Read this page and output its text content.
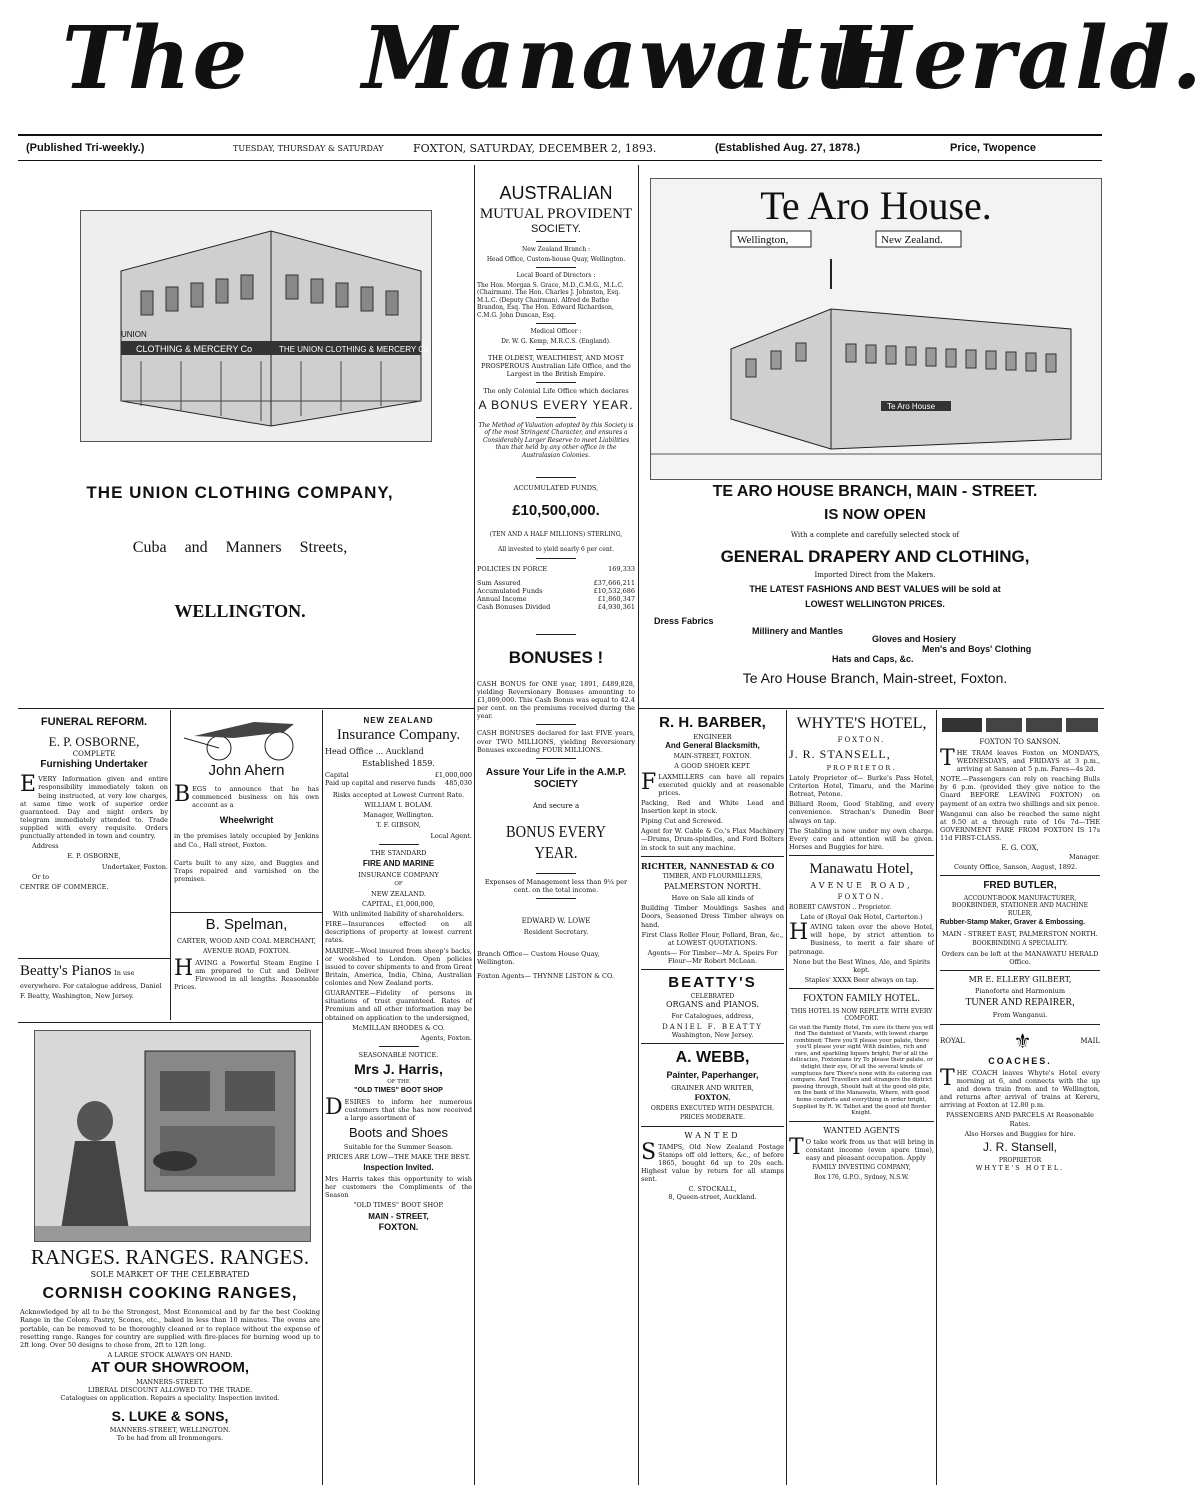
The Manawatu
Herald.
(Published Tri-weekly.)	TUESDAY, THURSDAY & SATURDAY	FOXTON, SATURDAY, DECEMBER 2, 1893.	(Established Aug. 27, 1878.)	Price, Twopence
CLOTHING & MERCERY Co	THE UNION CLOTHING & MERCERY Co
UNION
THE UNION CLOTHING COMPANY,
Cuba and Manners Streets,
WELLINGTON.
AUSTRALIAN
MUTUAL PROVIDENT
SOCIETY.

New Zealand Branch :

Head Office, Custom-house Quay, Wellington.

Local Board of Directors :

The Hon. Morgan S. Grace, M.D.,C.M.G., M.L.C. (Chairman). The Hon. Charles J. Johnston, Esq. M.L.C. (Deputy Chairman). Alfred de Bathe Brandon, Esq. The Hon. Edward Richardson, C.M.G. John Duncan, Esq.

Medical Officer :

Dr. W. G. Kemp, M.R.C.S. (England).

THE OLDEST, WEALTHIEST, AND MOST PROSPEROUS Australian Life Office, and the Largest in the British Empire.

The only Colonial Life Office which declares

A BONUS EVERY YEAR.

The Method of Valuation adopted by this Society is of the most Stringent Character, and ensures a Considerably Larger Reserve to meet Liabilities than that held by any other office in the Australasian Colonies.

ACCUMULATED FUNDS,

£10,500,000.

(TEN AND A HALF MILLIONS) STERLING,

All invested to yield nearly 6 per cent.

POLICIES IN FORCE	169,333
Sum Assured	£37,666,211
Accumulated Funds	£10,532,686
Annual Income	£1,860,347
Cash Bonuses Divided	£4,930,361

BONUSES !

CASH BONUS for ONE year, 1891, £489,828, yielding Reversionary Bonuses amounting to £1,009,000. This Cash Bonus was equal to 42.4 per cent. on the premiums received during the year.

CASH BONUSES declared for last FIVE years, over TWO MILLIONS, yielding Reversionary Bonuses exceeding FOUR MILLIONS.

Assure Your Life in the A.M.P. SOCIETY

And secure a

BONUS EVERY YEAR.

Expenses of Management less than 9¼ per cent. on the total income.

EDWARD W. LOWE

Resident Secretary.

Branch Office— Custom House Quay, Wellington.

Foxton Agents— THYNNE LISTON & CO.

Te Aro House.
Wellington,	New Zealand.
Te Aro House
TE ARO HOUSE BRANCH, MAIN - STREET.
IS NOW OPEN
With a complete and carefully selected stock of
GENERAL DRAPERY AND CLOTHING,
Imported Direct from the Makers.
THE LATEST FASHIONS AND BEST VALUES will be sold at
LOWEST WELLINGTON PRICES.
Dress Fabrics
Millinery and Mantles
Gloves and Hosiery
Men's and Boys' Clothing
Hats and Caps, &c.
Te Aro House Branch, Main-street, Foxton.
FUNERAL REFORM.
E. P. OSBORNE,
COMPLETE
Furnishing Undertaker

EVERY Information given and entire responsibility immediately taken on being instructed, at very low charges, at same time work of superior order guaranteed. Day and night orders by telegram immediately attended to. Trade supplied with every requisite. Orders punctually attended in town and country.

Address

E. P. OSBORNE,

Undertaker, Foxton.

Or to

CENTRE OF COMMERCE.

Beatty's Pianos In use everywhere. For catalogue address, Daniel F. Beatty, Washington, New Jersey.
John Ahern

BEGS to announce that he has commenced business on his own account as a

Wheelwright

in the premises lately occupied by Jenkins and Co., Hall street, Foxton.

Carts built to any size, and Buggies and Traps repaired and varnished on the premises.

B. Spelman,

CARTER, WOOD AND COAL MERCHANT,

AVENUE ROAD, FOXTON.

HAVING a Powerful Steam Engine I am prepared to Cut and Deliver Firewood in all lengths. Reasonable Prices.

RANGES. RANGES. RANGES.
SOLE MARKET OF THE CELEBRATED
CORNISH COOKING RANGES,

Acknowledged by all to be the Strongest, Most Economical and by far the best Cooking Range in the Colony. Pastry, Scones, etc., baked in less than 10 minutes. The ovens are portable, can be removed to be thoroughly cleaned or to replace without the expense of resetting range. Ranges for country are supplied with fire-places for burning wood up to 2ft long. Over 50 designs to chose from, 2ft to 12ft long.

A LARGE STOCK ALWAYS ON HAND.

AT OUR SHOWROOM,

MANNERS-STREET.

LIBERAL DISCOUNT ALLOWED TO THE TRADE.

Catalogues on application. Repairs a speciality. Inspection invited.

S. LUKE & SONS,

MANNERS-STREET, WELLINGTON.

To be had from all Ironmongers.

NEW ZEALAND
Insurance Company.

Head Office ... Auckland

Established 1859.

Capital	£1,000,000
Paid up capital and reserve funds 485,030

Risks accepted at Lowest Current Rate.

WILLIAM I. BOLAM.

Manager, Wellington.

T. F. GIBSON,

Local Agent.

THE STANDARD

FIRE AND MARINE

INSURANCE COMPANY

OF

NEW ZEALAND.

CAPITAL, £1,000,000,

With unlimited liability of shareholders.

FIRE—Insurances effected on all descriptions of property at lowest current rates.

MARINE—Wool insured from sheep's backs, or woolshed to London. Open policies issued to cover shipments to and from Great Britain, America, India, China, Australian colonies and New Zealand ports.

GUARANTEE—Fidelity of persons in situations of trust guaranteed. Rates of Premium and all other information may be obtained on application to the undersigned,

McMILLAN RHODES & CO.

Agents, Foxton.

SEASONABLE NOTICE.

Mrs J. Harris,

OF THE

"OLD TIMES" BOOT SHOP

DESIRES to inform her numerous customers that she has now received a large assortment of

Boots and Shoes

Suitable for the Summer Season.

PRICES ARE LOW—THE MAKE THE BEST.

Inspection Invited.

Mrs Harris takes this opportunity to wish her customers the Compliments of the Season

"OLD TIMES" BOOT SHOP.

MAIN - STREET,

FOXTON.

R. H. BARBER,

ENGINEER

And General Blacksmith,

MAIN-STREET, FOXTON.

A GOOD SHOER KEPT.

FLAXMILLERS can have all repairs executed quickly and at reasonable prices.

Packing, Red and White Lead and Insertion kept in stock.

Piping Cut and Screwed.

Agent for W. Cable & Co.'s Flax Machinery—Drums, Drum-spindles, and Ford Bolters in stock to suit any machine.

RICHTER, NANNESTAD & CO

TIMBER, AND FLOURMILLERS,

PALMERSTON NORTH.

Have on Sale all kinds of

Building Timber Mouldings Sashes and Doors, Seasoned Dress Timber always on hand.

First Class Roller Flour, Pollard, Bran, &c., at LOWEST QUOTATIONS.

Agents— For Timber—Mr A. Speirs For Flour—Mr Robert McLean.

BEATTY'S

CELEBRATED

ORGANS and PIANOS.

For Catalogues, address,

DANIEL F. BEATTY

Washington, New Jersey.

A. WEBB,

Painter, Paperhanger,

GRAINER AND WRITER,

FOXTON.

ORDERS EXECUTED WITH DESPATCH.

PRICES MODERATE.

WANTED

STAMPS, Old New Zealand Postage Stamps off old letters, &c., of before 1865, bought 6d up to 20s each. Highest value by return for all stamps sent.

C. STOCKALL,

8, Queen-street, Auckland.

WHYTE'S HOTEL,

FOXTON.

J. R. STANSELL,

PROPRIETOR.

Lately Proprietor of— Burke's Pass Hotel, Criterion Hotel, Timaru, and the Marine Retreat, Petone.

Billiard Room, Good Stabling, and every convenience. Strachan's Dunedin Beer always on tap.

The Stabling is now under my own charge. Every care and attention will be given. Horses and Buggies for hire.

Manawatu Hotel,

AVENUE ROAD,

FOXTON.

ROBERT CAWSTON .. Proprietor.

Late of (Royal Oak Hotel, Carterton.)

HAVING taken over the above Hotel, will hope, by strict attention to Business, to merit a fair share of patronage.

None but the Best Wines, Ale, and Spirits kept.

Staples' XXXX Beer always on tap.

FOXTON FAMILY HOTEL.

THIS HOTEL IS NOW REPLETE WITH EVERY COMFORT.

Go visit the Family Hotel, I'm sure its there you will find The daintiest of Viands, with lowest charge combined; There you'll please your palate, there you'll please your sight With dainties, rich and rare, and sparkling liquors bright; For of all the delicacies, Foxtonians try To please their palate, or delight their eye, Of all the several kinds of sumptuous fare There's none with its catering can compare. And Travellers and strangers the district passing through, Should halt at the good old pile, on the bank of the Manawatu, Where, with good home comforts and everything in order bright, Supplied by R. W. Talbot and the good old Border Knight.

WANTED AGENTS

TO take work from us that will bring in constant income (even spare time), easy and pleasant occupation. Apply

FAMILY INVESTING COMPANY,

Box 176, G.P.O., Sydney, N.S.W.

FOXTON TO SANSON.

THE TRAM leaves Foxton on MONDAYS, WEDNESDAYS, and FRIDAYS at 3 p.m., arriving at Sanson at 5 p.m. Fares—4s 2d.

NOTE.—Passengers can rely on reaching Bulls by 6 p.m. (provided they give notice to the Guard BEFORE LEAVING FOXTON) on payment of an extra two shillings and six pence.

Wanganui can also be reached the same night at 9.50 at a through rate of 16s 7d—THE GOVERNMENT FARE FROM FOXTON IS 17s 11d FIRST-CLASS.

E. G. COX,

Manager.

County Office, Sanson, August, 1892.

FRED BUTLER,

ACCOUNT-BOOK MANUFACTURER, BOOKBINDER, STATIONER AND MACHINE RULER,

Rubber-Stamp Maker, Graver & Embossing.

MAIN - STREET EAST, PALMERSTON NORTH.

BOOKBINDING A SPECIALITY.

Orders can be left at the MANAWATU HERALD Office.

MR E. ELLERY GILBERT,

Pianoforte and Harmonium

TUNER AND REPAIRER,

From Wanganui.

ROYAL ⚜	MAIL

COACHES.

THE COACH leaves Whyte's Hotel every morning at 6, and connects with the up and down train from and to Wellington, and returns after arrival of trains at Kereru, arriving at Foxton at 12.80 p.m.

PASSENGERS AND PARCELS At Reasonable Rates.

Also Horses and Buggies for hire.

J. R. Stansell,

PROPRIETOR

WHYTE'S HOTEL.
